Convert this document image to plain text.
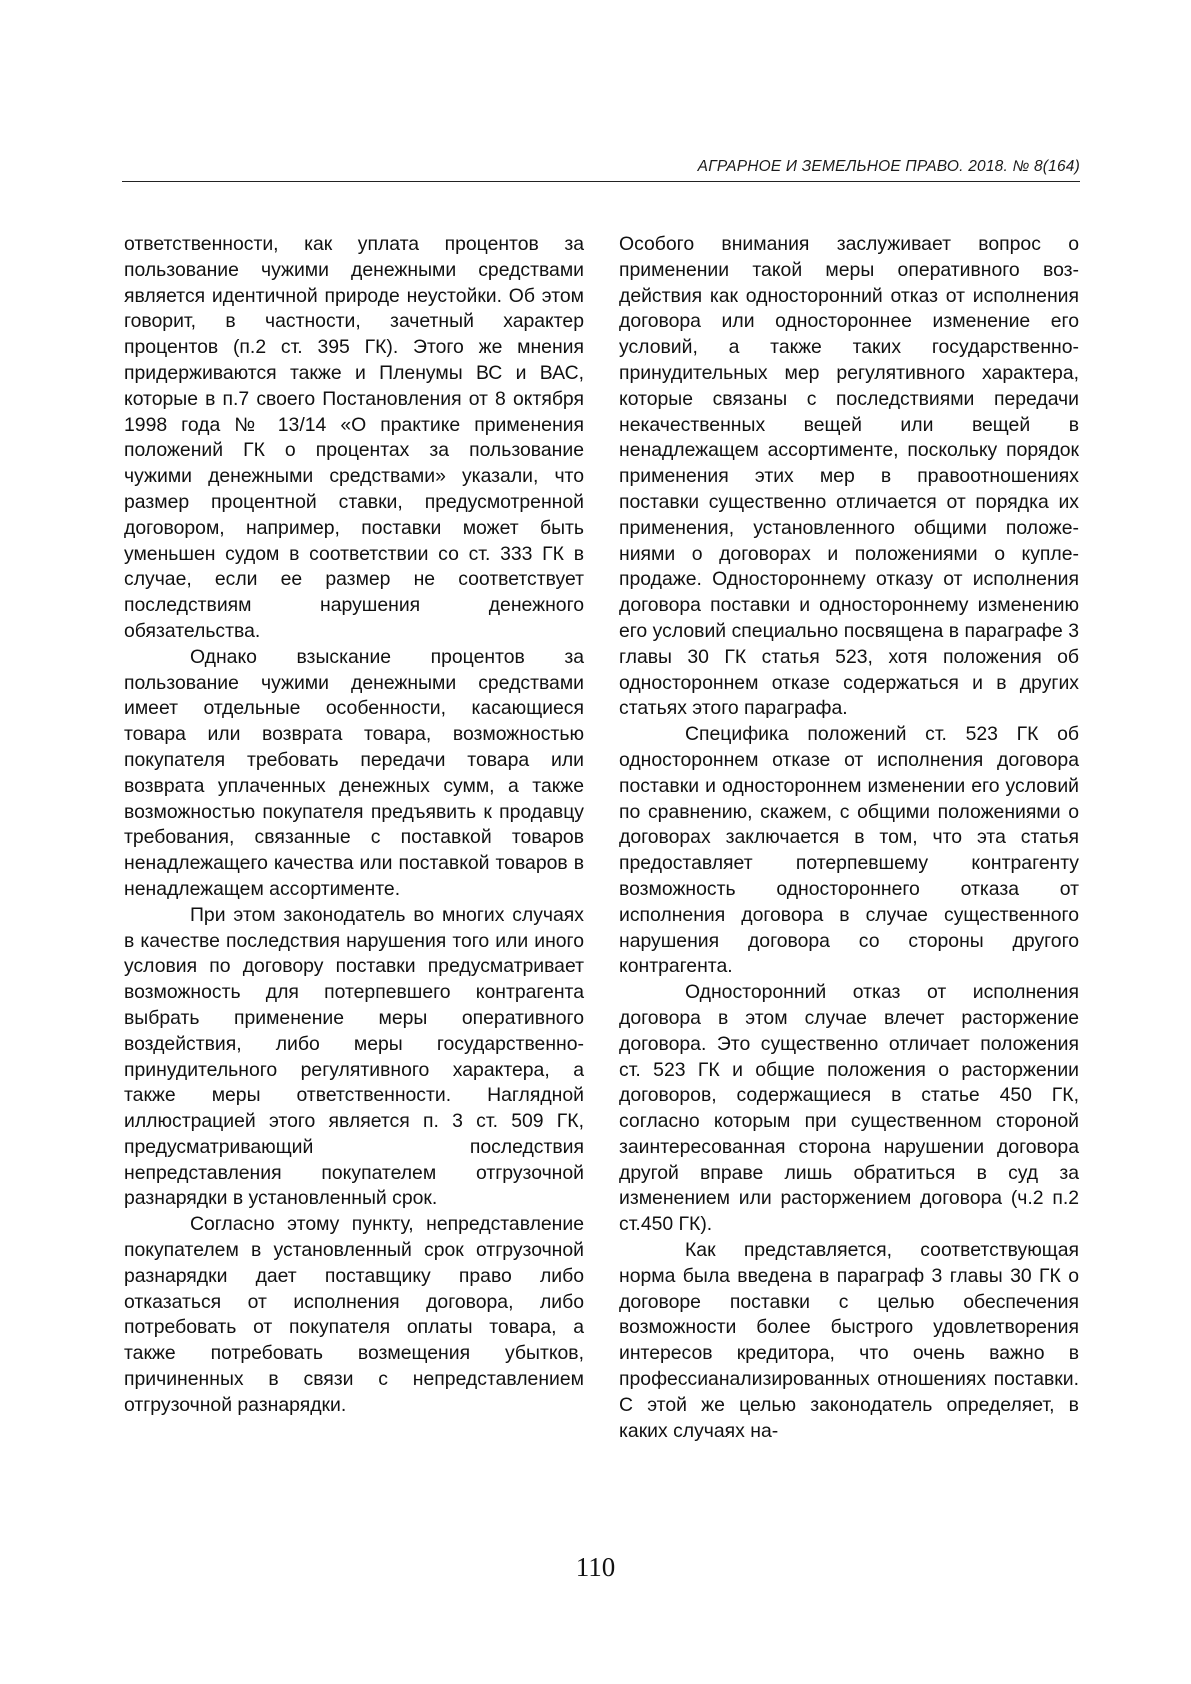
АГРАРНОЕ И ЗЕМЕЛЬНОЕ ПРАВО. 2018. № 8(164)

ответственности, как уплата процентов за пользование чужими денежными средствами является идентичной природе неустойки. Об этом говорит, в частности, зачетный характер процентов (п.2 ст. 395 ГК). Этого же мнения придерживаются также и Пленумы ВС и ВАС, которые в п.7 своего Постановления от 8 октября 1998 года № 13/14 «О практике применения положений ГК о процентах за пользование чужими денежными средствами» указали, что размер процентной ставки, предусмотренной договором, например, поставки может быть уменьшен судом в соответствии со ст. 333 ГК в случае, если ее размер не соответствует последствиям нарушения денежного обязательства.

Однако взыскание процентов за пользование чужими денежными средствами имеет отдельные особенности, касающиеся товара или возврата товара, возможностью покупателя требовать передачи товара или возврата уплаченных денежных сумм, а также возможностью покупателя предъявить к продавцу требования, связанные с поставкой товаров ненадлежащего качества или поставкой товаров в ненадлежащем ассортименте.

При этом законодатель во многих случаях в качестве последствия нарушения того или иного условия по договору поставки предусматривает возможность для потерпевшего контрагента выбрать применение меры оперативного воздействия, либо меры государственно-принудительного регулятивного характера, а также меры ответственности. Наглядной иллюстрацией этого является п. 3 ст. 509 ГК, предусматривающий последствия непредставления покупателем отгрузочной разнарядки в установленный срок.

Согласно этому пункту, непредставление покупателем в установленный срок отгрузочной разнарядки дает поставщику право либо отказаться от исполнения договора, либо потребовать от покупателя оплаты товара, а также потребовать возмещения убытков, причиненных в связи с непредставлением отгрузочной разнарядки.

Особого внимания заслуживает вопрос о применении такой меры оперативного воздействия как односторонний отказ от исполнения договора или одностороннее изменение его условий, а также таких государственно-принудительных мер регулятивного характера, которые связаны с последствиями передачи некачественных вещей или вещей в ненадлежащем ассортименте, поскольку порядок применения этих мер в правоотношениях поставки существенно отличается от порядка их применения, установленного общими положениями о договорах и положениями о купле-продаже. Одностороннему отказу от исполнения договора поставки и одностороннему изменению его условий специально посвящена в параграфе 3 главы 30 ГК статья 523, хотя положения об одностороннем отказе содержаться и в других статьях этого параграфа.

Специфика положений ст. 523 ГК об одностороннем отказе от исполнения договора поставки и одностороннем изменении его условий по сравнению, скажем, с общими положениями о договорах заключается в том, что эта статья предоставляет потерпевшему контрагенту возможность одностороннего отказа от исполнения договора в случае существенного нарушения договора со стороны другого контрагента.

Односторонний отказ от исполнения договора в этом случае влечет расторжение договора. Это существенно отличает положения ст. 523 ГК и общие положения о расторжении договоров, содержащиеся в статье 450 ГК, согласно которым при существенном стороной заинтересованная сторона нарушении договора другой вправе лишь обратиться в суд за изменением или расторжением договора (ч.2 п.2 ст.450 ГК).

Как представляется, соответствующая норма была введена в параграф 3 главы 30 ГК о договоре поставки с целью обеспечения возможности более быстрого удовлетворения интересов кредитора, что очень важно в профессианализированных отношениях поставки. С этой же целью законодатель определяет, в каких случаях на-

110
